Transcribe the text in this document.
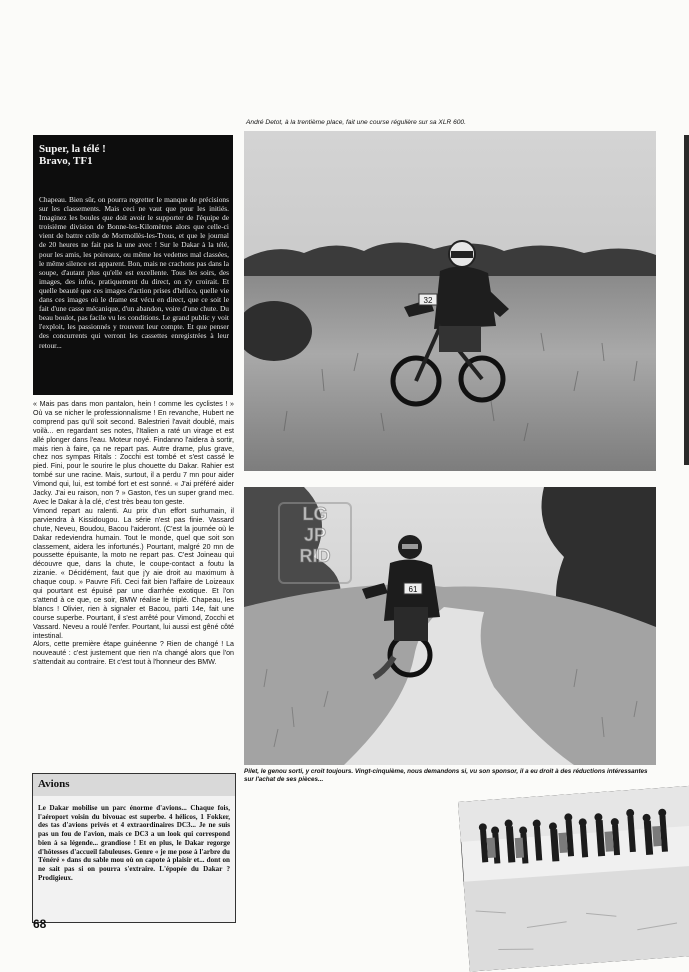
André Detot, à la trentième place, fait une course régulière sur sa XLR 600.
32
Super, la télé !
Bravo, TF1
Chapeau. Bien sûr, on pourra regretter le manque de précisions sur les classements. Mais ceci ne vaut que pour les initiés. Imaginez les boules que doit avoir le supporter de l'équipe de troisième division de Bonne-les-Kilomètres alors que celle-ci vient de battre celle de Mormollès-les-Trous, et que le journal de 20 heures ne fait pas la une avec ! Sur le Dakar à la télé, pour les amis, les poireaux, ou même les vedettes mal classées, le même silence est apparent. Bon, mais ne crachons pas dans la soupe, d'autant plus qu'elle est excellente. Tous les soirs, des images, des infos, pratiquement du direct, on s'y croirait. Et quelle beauté que ces images d'action prises d'hélico, quelle vie dans ces images où le drame est vécu en direct, que ce soit le fait d'une casse mécanique, d'un abandon, voire d'une chute. Du beau boulot, pas facile vu les conditions. Le grand public y voit l'exploit, les passionnés y trouvent leur compte. Et que penser des concurrents qui verront les cassettes enregistrées à leur retour...

« Mais pas dans mon pantalon, hein ! comme les cyclistes ! » Où va se nicher le professionnalisme ! En revanche, Hubert ne comprend pas qu'il soit second. Balestrieri l'avait doublé, mais voilà... en regardant ses notes, l'Italien a raté un virage et est allé plonger dans l'eau. Moteur noyé. Findanno l'aidera à sortir, mais rien à faire, ça ne repart pas. Autre drame, plus grave, chez nos sympas Ritals : Zocchi est tombé et s'est cassé le pied. Fini, pour le sourire le plus chouette du Dakar. Rahier est tombé sur une racine. Mais, surtout, il a perdu 7 mn pour aider Vimond qui, lui, est tombé fort et est sonné. « J'ai préféré aider Jacky. J'ai eu raison, non ? » Gaston, t'es un super grand mec. Avec le Dakar à la clé, c'est très beau ton geste.

Vimond repart au ralenti. Au prix d'un effort surhumain, il parviendra à Kissidougou. La série n'est pas finie. Vassard chute, Neveu, Boudou, Bacou l'aideront. (C'est la journée où le Dakar redeviendra humain. Tout le monde, quel que soit son classement, aidera les infortunés.) Pourtant, malgré 20 mn de poussette épuisante, la moto ne repart pas. C'est Joineau qui découvre que, dans la chute, le coupe-contact a foutu la zizanie. « Décidément, faut que j'y aie droit au maximum à chaque coup. » Pauvre Fifi. Ceci fait bien l'affaire de Loizeaux qui pourtant est épuisé par une diarrhée exotique. Et l'on s'attend à ce que, ce soir, BMW réalise le triplé. Chapeau, les blancs ! Olivier, rien à signaler et Bacou, parti 14e, fait une course superbe. Pourtant, il s'est arrêté pour Vimond, Zocchi et Vassard. Neveu a roulé l'enfer. Pourtant, lui aussi est gêné côté intestinal.

Alors, cette première étape guinéenne ? Rien de changé ! La nouveauté : c'est justement que rien n'a changé alors que l'on s'attendait au contraire. Et c'est tout à l'honneur des BMW.

61
LG
JP
RID
Pilet, le genou sorti, y croit toujours. Vingt-cinquième, nous demandons si, vu son sponsor, il a eu droit à des réductions intéressantes sur l'achat de ses pièces...
Avions
Le Dakar mobilise un parc énorme d'avions... Chaque fois, l'aéroport voisin du bivouac est superbe. 4 hélicos, 1 Fokker, des tas d'avions privés et 4 extraordinaires DC3... Je ne suis pas un fou de l'avion, mais ce DC3 a un look qui correspond bien à sa légende... grandiose ! Et en plus, le Dakar regorge d'hôtesses d'accueil fabuleuses. Genre « je me pose à l'arbre du Ténéré » dans du sable mou où on capote à plaisir et... dont on ne sait pas si on pourra s'extraire. L'épopée du Dakar ? Prodigieux.
68
